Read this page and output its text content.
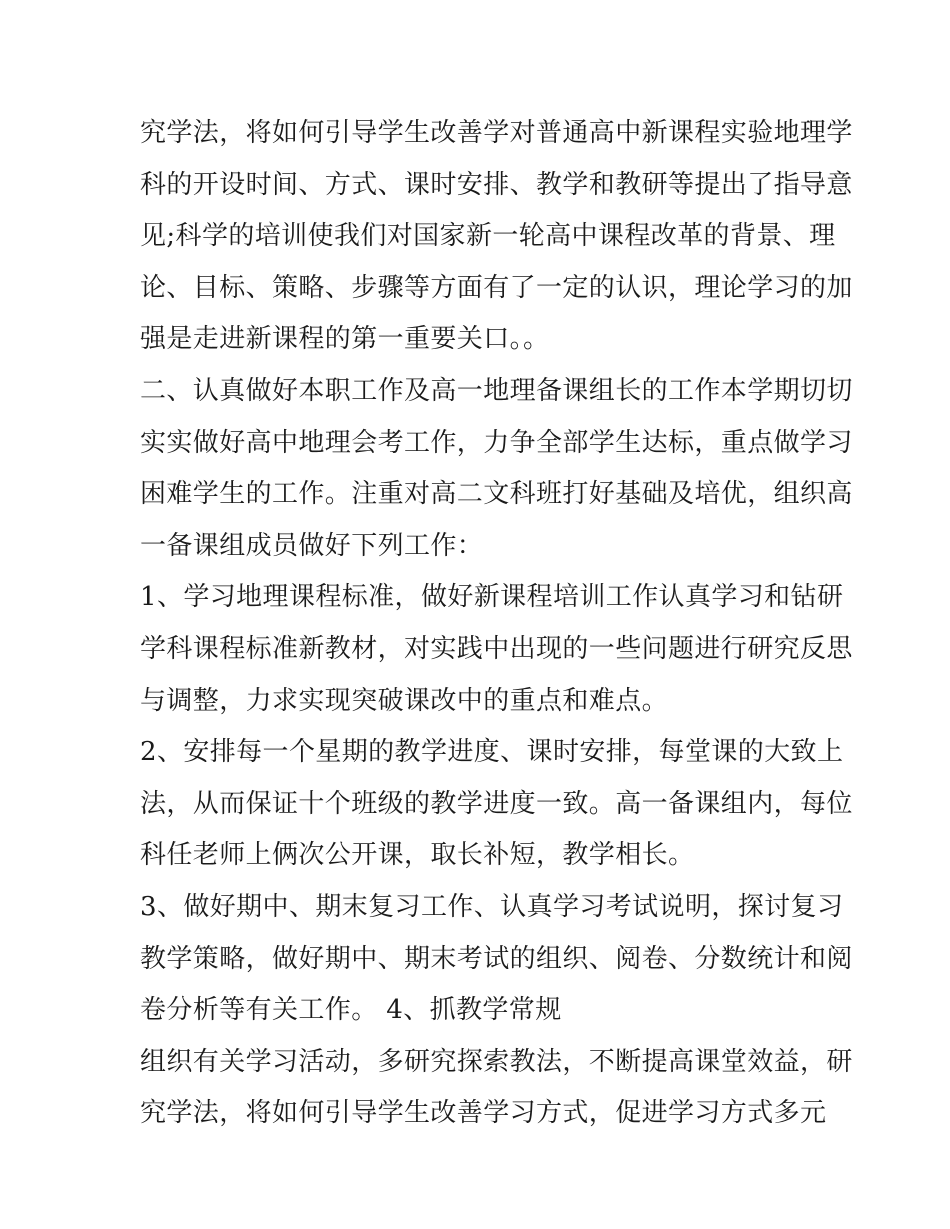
究学法，将如何引导学生改善学对普通高中新课程实验地理学
科的开设时间、方式、课时安排、教学和教研等提出了指导意
见;科学的培训使我们对国家新一轮高中课程改革的背景、理
论、目标、策略、步骤等方面有了一定的认识，理论学习的加
强是走进新课程的第一重要关口。。
二、认真做好本职工作及高一地理备课组长的工作本学期切切
实实做好高中地理会考工作，力争全部学生达标，重点做学习
困难学生的工作。注重对高二文科班打好基础及培优，组织高
一备课组成员做好下列工作：
1、学习地理课程标准，做好新课程培训工作认真学习和钻研
学科课程标准新教材，对实践中出现的一些问题进行研究反思
与调整，力求实现突破课改中的重点和难点。
2、安排每一个星期的教学进度、课时安排，每堂课的大致上
法，从而保证十个班级的教学进度一致。高一备课组内，每位
科任老师上俩次公开课，取长补短，教学相长。
3、做好期中、期末复习工作、认真学习考试说明，探讨复习
教学策略，做好期中、期末考试的组织、阅卷、分数统计和阅
卷分析等有关工作。 4、抓教学常规
组织有关学习活动，多研究探索教法，不断提高课堂效益，研
究学法，将如何引导学生改善学习方式，促进学习方式多元
